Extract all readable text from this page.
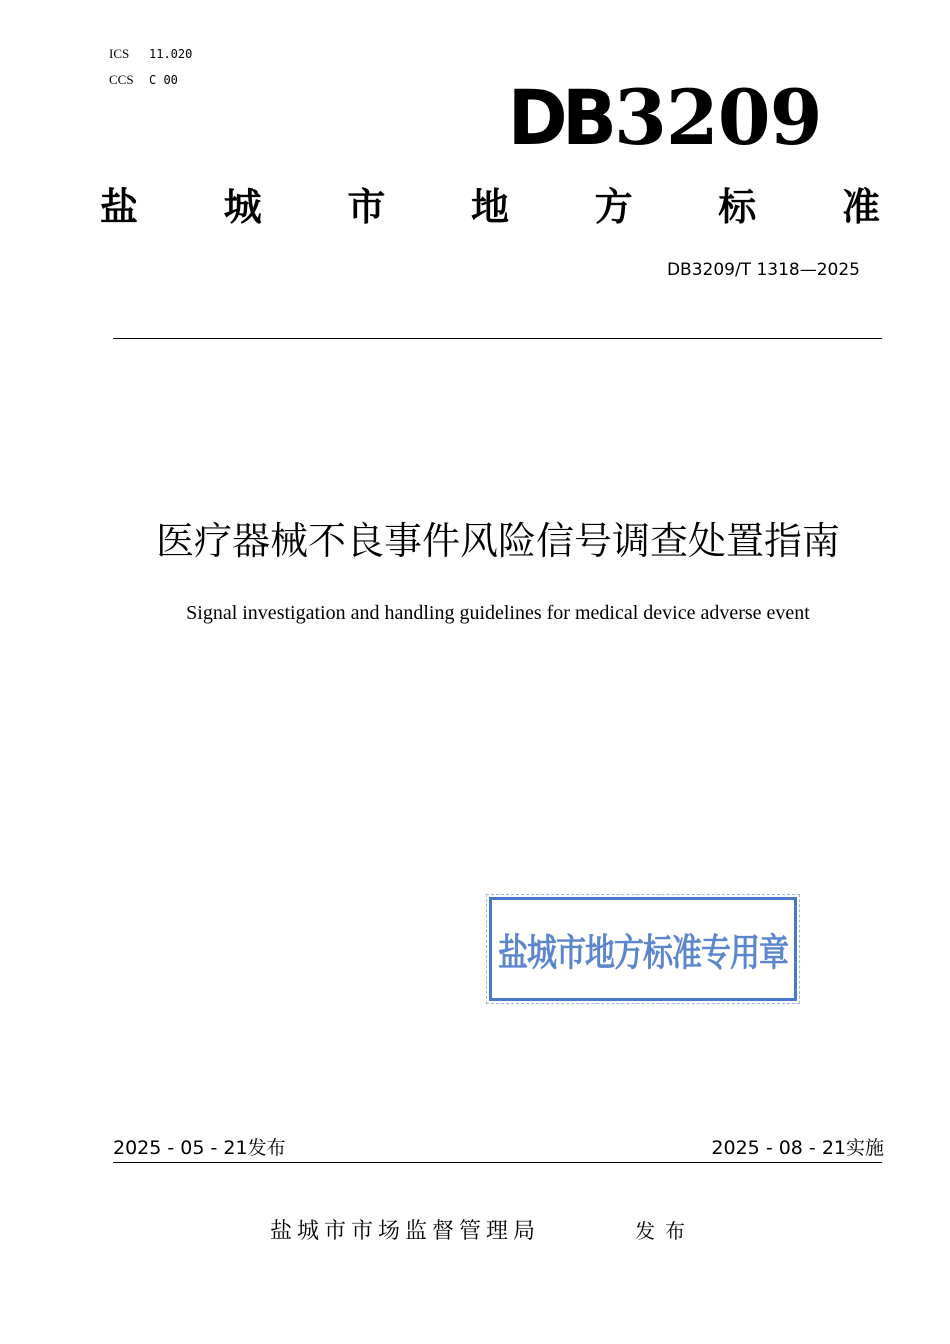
ICS 11.020
CCS C 00	DB3209
盐 城 市 地 方 标 准
DB3209/T 1318—2025
医疗器械不良事件风险信号调查处置指南
Signal investigation and handling guidelines for medical device adverse event
盐城市地方标准专用章
2025 - 05 - 21发布	2025 - 08 - 21实施
盐城市市场监督管理局	发布
